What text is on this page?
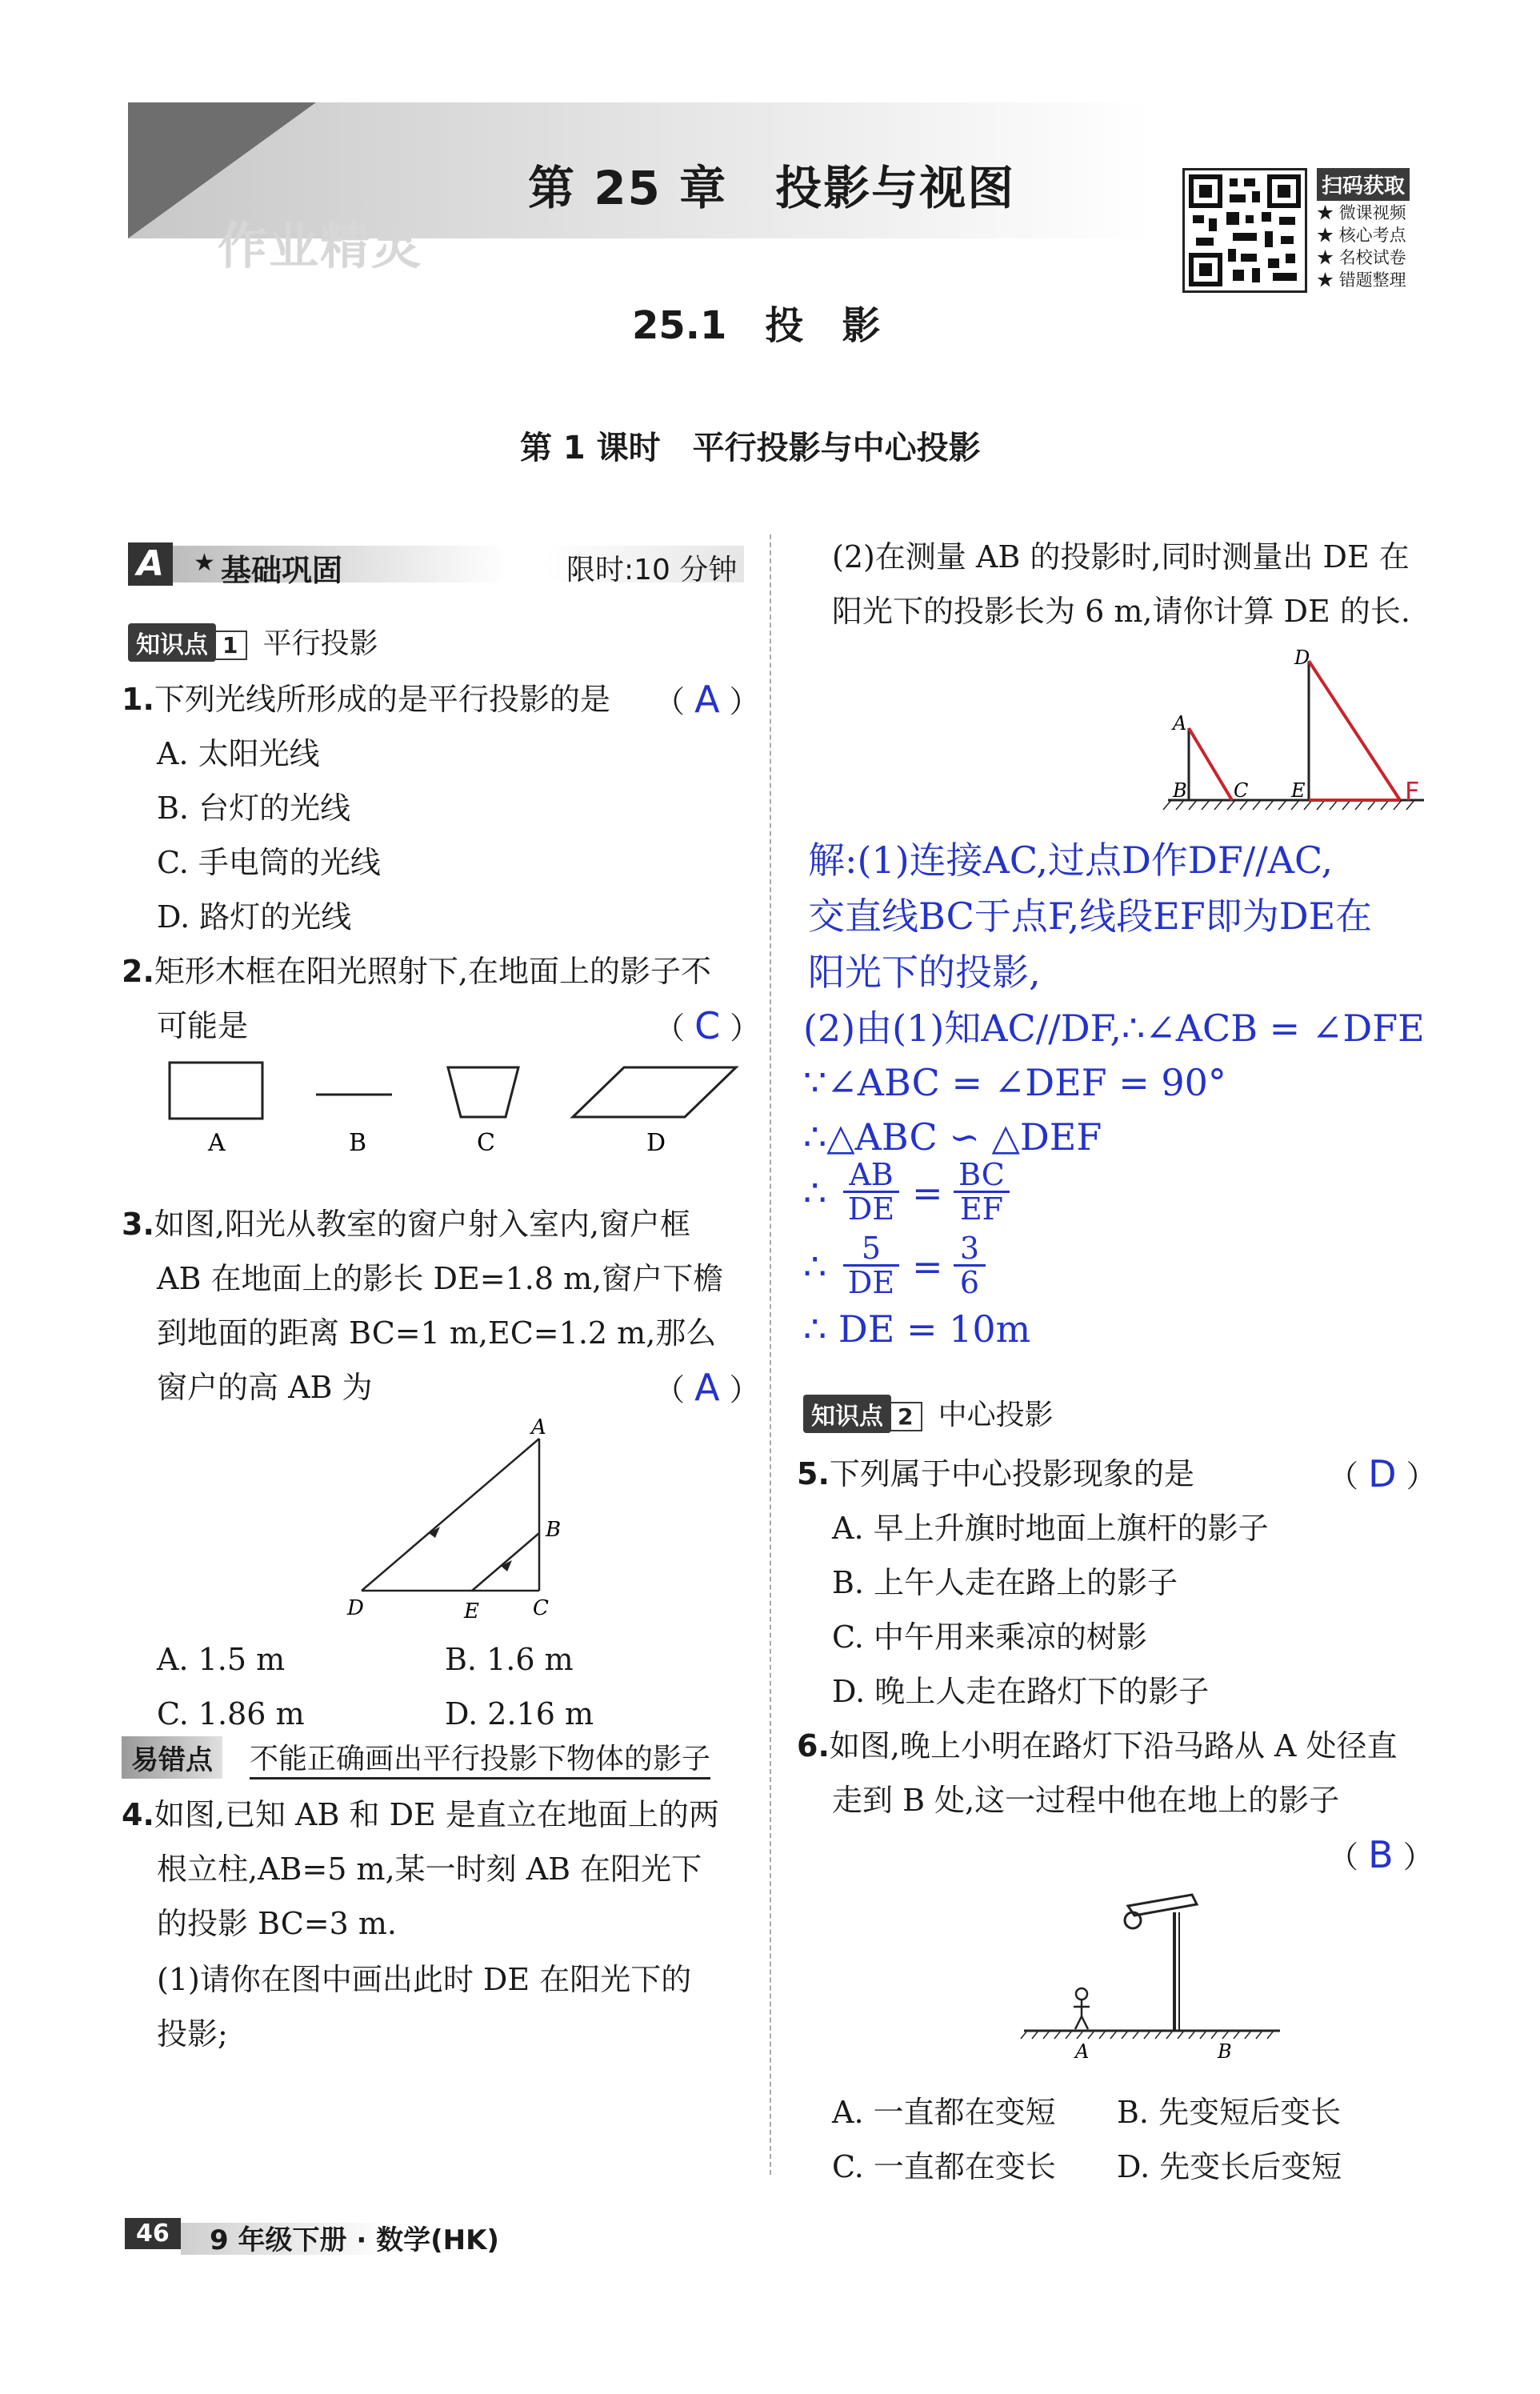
第 25 章　投影与视图
作业精灵
扫码获取
★ 微课视频
★ 核心考点
★ 名校试卷
★ 错题整理
25.1　投　影
第 1 课时　平行投影与中心投影
A	★ 基础巩固	限时:10 分钟
知识点 1 平行投影
1.下列光线所形成的是平行投影的是	（ A ）
A. 太阳光线
B. 台灯的光线
C. 手电筒的光线
D. 路灯的光线
2.矩形木框在阳光照射下,在地面上的影子不
可能是	（ C ）
A	B	C	D
3.如图,阳光从教室的窗户射入室内,窗户框
AB 在地面上的影长 DE=1.8 m,窗户下檐
到地面的距离 BC=1 m,EC=1.2 m,那么
窗户的高 AB 为	（ A ）
A
B
C
D	E
A. 1.5 m	B. 1.6 m
C. 1.86 m	D. 2.16 m
易错点	不能正确画出平行投影下物体的影子
4.如图,已知 AB 和 DE 是直立在地面上的两
根立柱,AB=5 m,某一时刻 AB 在阳光下
的投影 BC=3 m.
(1)请你在图中画出此时 DE 在阳光下的
投影;
(2)在测量 AB 的投影时,同时测量出 DE 在
阳光下的投影长为 6 m,请你计算 DE 的长.
A
B C
D
E	F
解:(1)连接AC,过点D作DF//AC,
交直线BC于点F,线段EF即为DE在
阳光下的投影,
(2)由(1)知AC//DF,∴∠ACB = ∠DFE
∵∠ABC = ∠DEF = 90°
∴△ABC ∽ △DEF
∴ AB
DE = BC
EF
∴	5
DE = 3
6
∴ DE = 10m
知识点 2 中心投影
5.下列属于中心投影现象的是	（ D ）
A. 早上升旗时地面上旗杆的影子
B. 上午人走在路上的影子
C. 中午用来乘凉的树影
D. 晚上人走在路灯下的影子
6.如图,晚上小明在路灯下沿马路从 A 处径直
走到 B 处,这一过程中他在地上的影子
（ B ）
A	B
A. 一直都在变短 B. 先变短后变长
C. 一直都在变长 D. 先变长后变短
46	9 年级下册 · 数学(HK)
